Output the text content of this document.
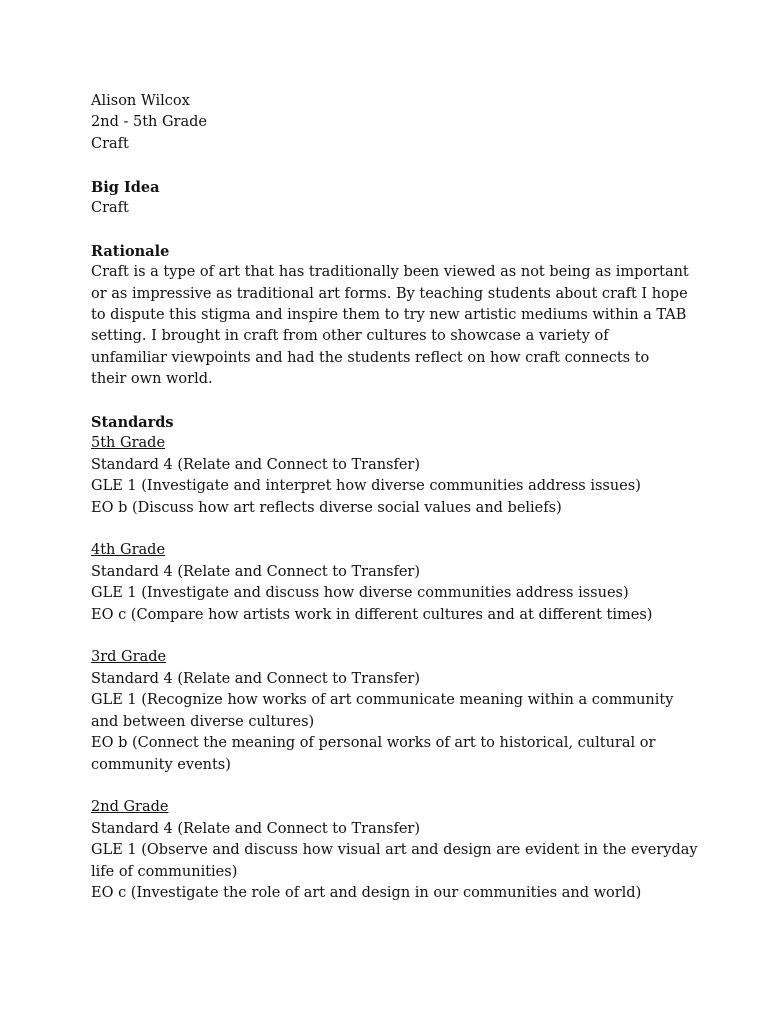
Alison Wilcox
2nd - 5th Grade
Craft
Big Idea
Craft
Rationale
Craft is a type of art that has traditionally been viewed as not being as important
or as impressive as traditional art forms. By teaching students about craft I hope
to dispute this stigma and inspire them to try new artistic mediums within a TAB
setting. I brought in craft from other cultures to showcase a variety of
unfamiliar viewpoints and had the students reflect on how craft connects to
their own world.
Standards
5th Grade
Standard 4 (Relate and Connect to Transfer)
GLE 1 (Investigate and interpret how diverse communities address issues)
EO b (Discuss how art reflects diverse social values and beliefs)
4th Grade
Standard 4 (Relate and Connect to Transfer)
GLE 1 (Investigate and discuss how diverse communities address issues)
EO c (Compare how artists work in different cultures and at different times)
3rd Grade
Standard 4 (Relate and Connect to Transfer)
GLE 1 (Recognize how works of art communicate meaning within a community
and between diverse cultures)
EO b (Connect the meaning of personal works of art to historical, cultural or
community events)
2nd Grade
Standard 4 (Relate and Connect to Transfer)
GLE 1 (Observe and discuss how visual art and design are evident in the everyday
life of communities)
EO c (Investigate the role of art and design in our communities and world)
